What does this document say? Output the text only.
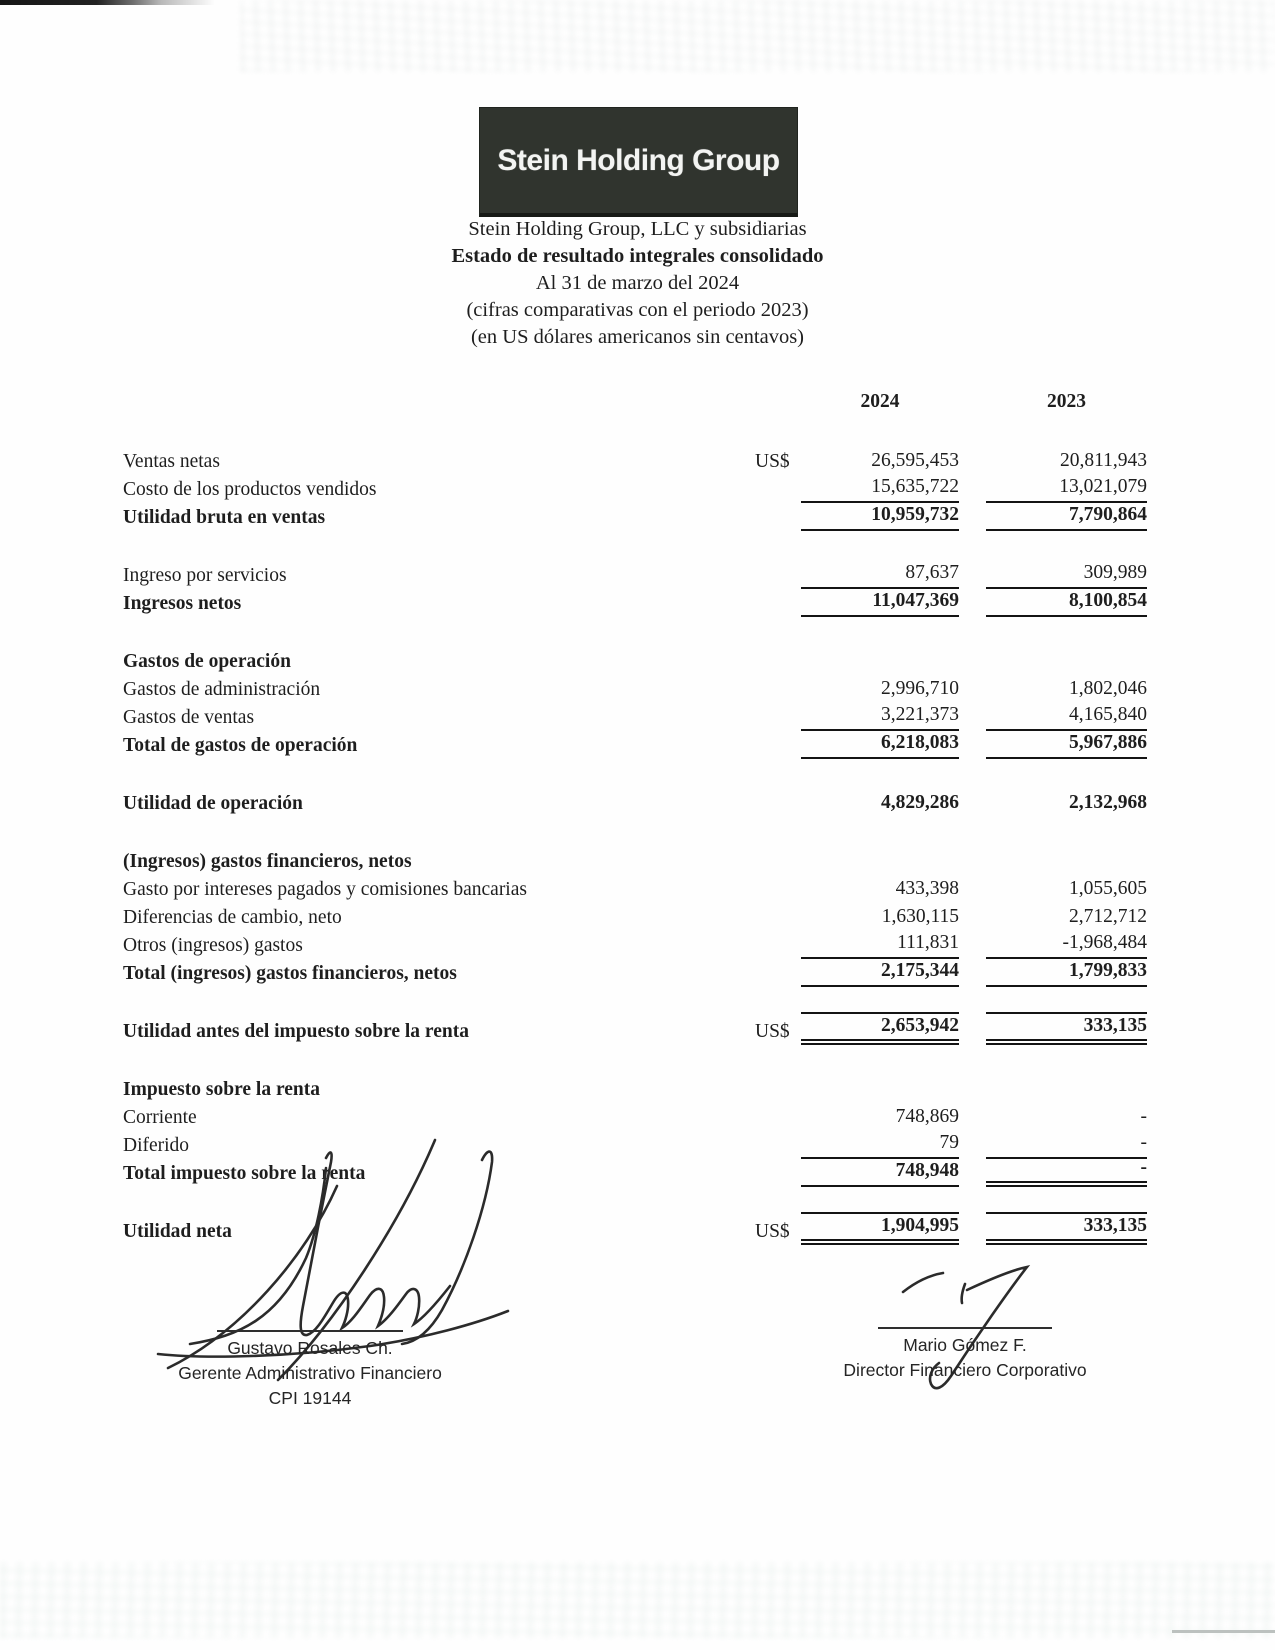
Stein Holding Group
Stein Holding Group, LLC y subsidiarias
Estado de resultado integrales consolidado
Al 31 de marzo del 2024
(cifras comparativas con el periodo 2023)
(en US dólares americanos sin centavos)
2024	2023
Ventas netas	US$	26,595,453	20,811,943
Costo de los productos vendidos	15,635,722	13,021,079
Utilidad bruta en ventas	10,959,732	7,790,864
Ingreso por servicios	87,637	309,989
Ingresos netos	11,047,369	8,100,854
Gastos de operación
Gastos de administración	2,996,710	1,802,046
Gastos de ventas	3,221,373	4,165,840
Total de gastos de operación	6,218,083	5,967,886
Utilidad de operación	4,829,286	2,132,968
(Ingresos) gastos financieros, netos
Gasto por intereses pagados y comisiones bancarias	433,398	1,055,605
Diferencias de cambio, neto	1,630,115	2,712,712
Otros (ingresos) gastos	111,831	-1,968,484
Total (ingresos) gastos financieros, netos	2,175,344	1,799,833
Utilidad antes del impuesto sobre la renta	US$	2,653,942	333,135
Impuesto sobre la renta
Corriente	748,869	-
Diferido	79	-
Total impuesto sobre la renta	748,948	-
Utilidad neta	US$	1,904,995	333,135
Gustavo Rosales Ch.
Gerente Administrativo Financiero
CPI 19144
Mario Gómez F.
Director Financiero Corporativo
